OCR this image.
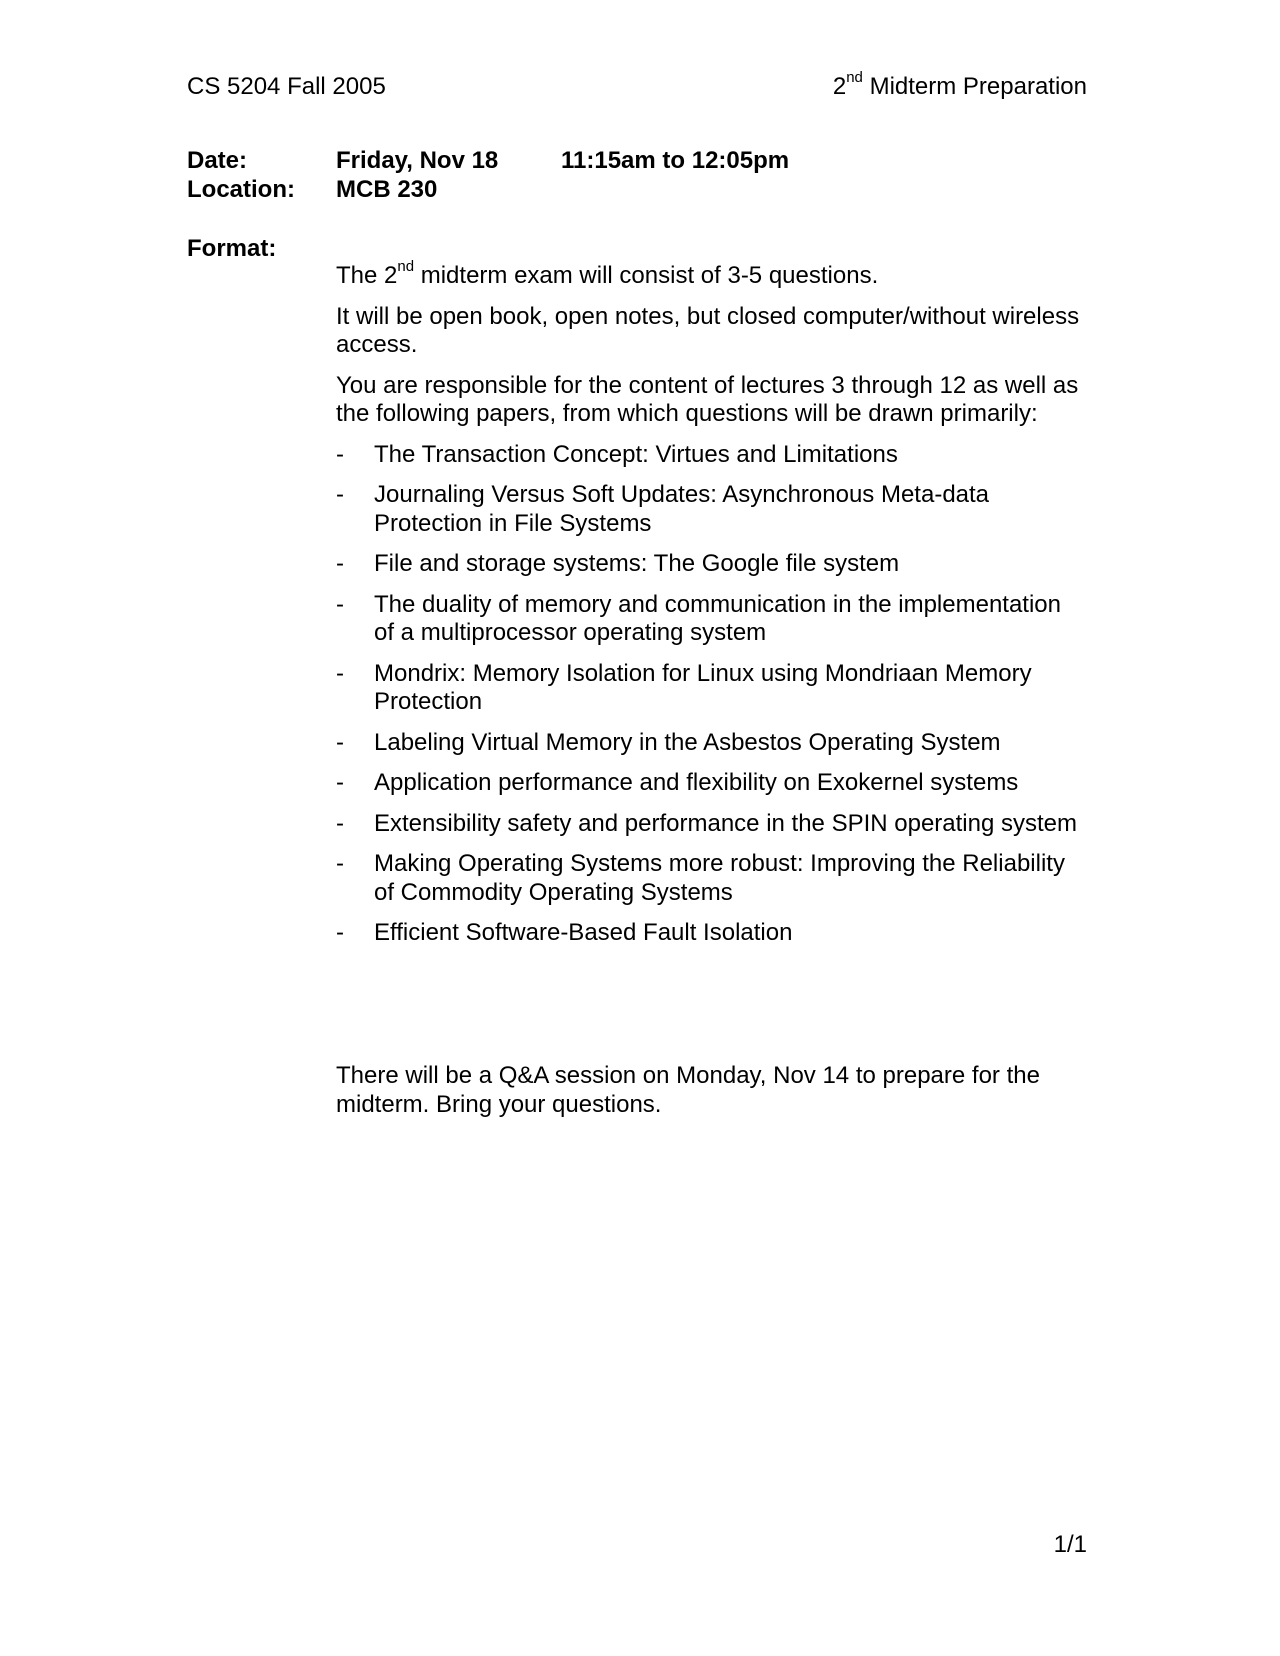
CS 5204 Fall 2005	2nd Midterm Preparation
Date:	Friday, Nov 18	11:15am to 12:05pm
Location: MCB 230
Format:

The 2nd midterm exam will consist of 3-5 questions.

It will be open book, open notes, but closed computer/without wireless access.

You are responsible for the content of lectures 3 through 12 as well as the following papers, from which questions will be drawn primarily:

-	The Transaction Concept: Virtues and Limitations
-	Journaling Versus Soft Updates: Asynchronous Meta-data Protection in File Systems
-	File and storage systems: The Google file system
-	The duality of memory and communication in the implementation of a multiprocessor operating system
-	Mondrix: Memory Isolation for Linux using Mondriaan Memory Protection
-	Labeling Virtual Memory in the Asbestos Operating System
-	Application performance and flexibility on Exokernel systems
-	Extensibility safety and performance in the SPIN operating system
-	Making Operating Systems more robust: Improving the Reliability of Commodity Operating Systems
-	Efficient Software-Based Fault Isolation

There will be a Q&A session on Monday, Nov 14 to prepare for the midterm. Bring your questions.

1/1
